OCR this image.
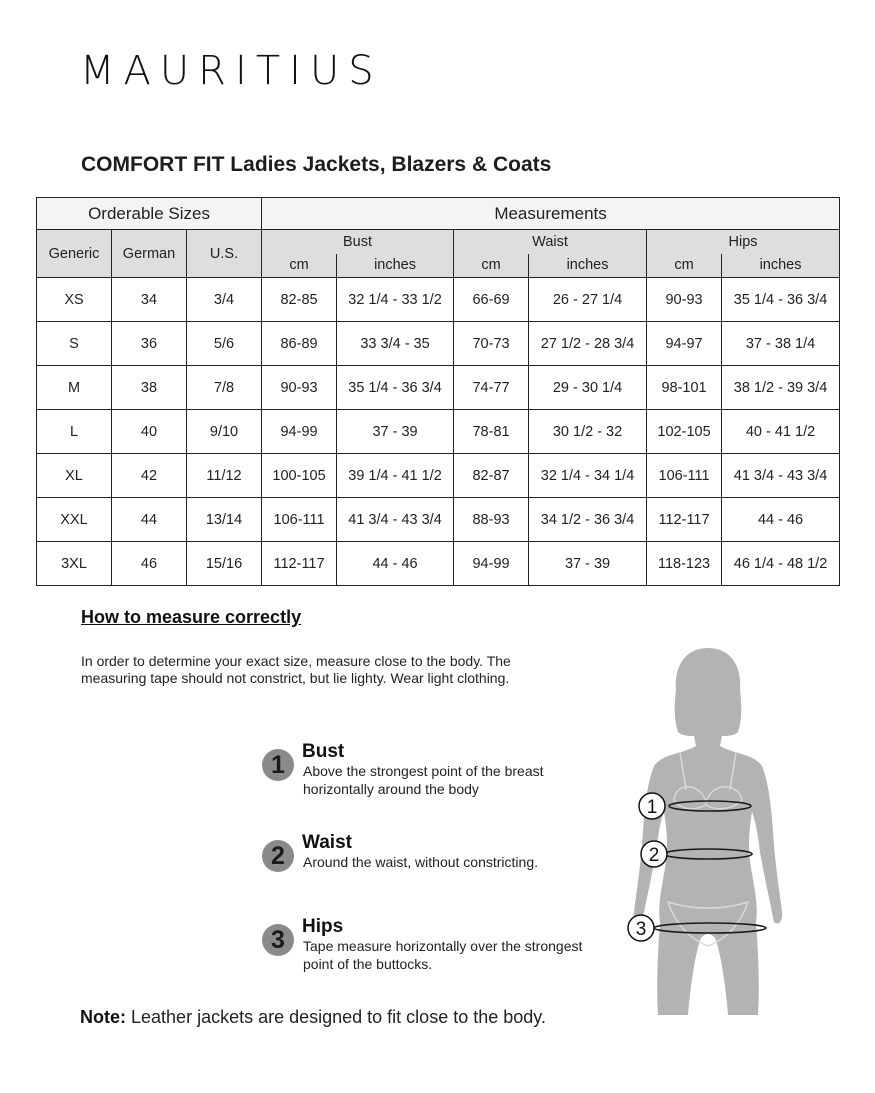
MAURITIUS
COMFORT FIT Ladies Jackets, Blazers & Coats
Orderable Sizes			Measurements					
Generic	German	U.S.	Bust		Waist		Hips	
			cm	inches	cm	inches	cm	inches
XS	34	3/4	82-85	32 1/4 - 33 1/2	66-69	26 - 27 1/4	90-93	35 1/4 - 36 3/4
S	36	5/6	86-89	33 3/4 - 35	70-73	27 1/2 - 28 3/4	94-97	37 - 38 1/4
M	38	7/8	90-93	35 1/4 - 36 3/4	74-77	29 - 30 1/4	98-101	38 1/2 - 39 3/4
L	40	9/10	94-99	37 - 39	78-81	30 1/2 - 32	102-105	40 - 41 1/2
XL	42	11/12	100-105	39 1/4 - 41 1/2	82-87	32 1/4 - 34 1/4	106-111	41 3/4 - 43 3/4
XXL	44	13/14	106-111	41 3/4 - 43 3/4	88-93	34 1/2 - 36 3/4	112-117	44 - 46
3XL	46	15/16	112-117	44 - 46	94-99	37 - 39	118-123	46 1/4 - 48 1/2
How to measure correctly
In order to determine your exact size, measure close to the body. The measuring tape should not constrict, but lie lighty. Wear light clothing.
1 Bust
Above the strongest point of the breast horizontally around the body
2 Waist
Around the waist, without constricting.
3 Hips
Tape measure horizontally over the strongest point of the buttocks.
1
2
3
Note: Leather jackets are designed to fit close to the body.
